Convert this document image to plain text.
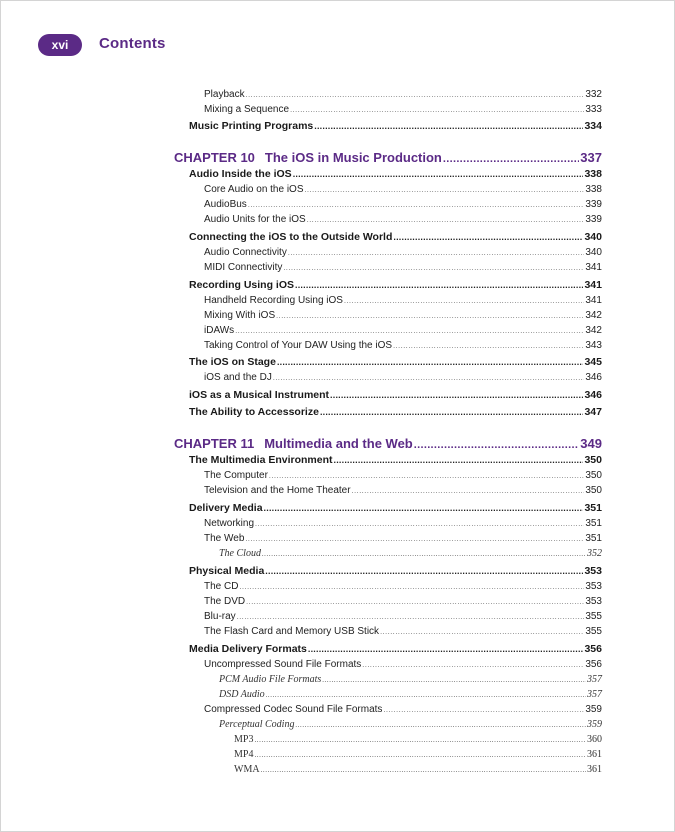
xvi	Contents
Playback .....	332
Mixing a Sequence .....	333
Music Printing Programs .....	334
CHAPTER 10 The iOS in Music Production .....	337
Audio Inside the iOS .....	338
Core Audio on the iOS .....	338
AudioBus .....	339
Audio Units for the iOS .....	339
Connecting the iOS to the Outside World .....	340
Audio Connectivity .....	340
MIDI Connectivity .....	341
Recording Using iOS .....	341
Handheld Recording Using iOS .....	341
Mixing With iOS .....	342
iDAWs .....	342
Taking Control of Your DAW Using the iOS .....	343
The iOS on Stage .....	345
iOS and the DJ .....	346
iOS as a Musical Instrument .....	346
The Ability to Accessorize .....	347
CHAPTER 11 Multimedia and the Web .....	349
The Multimedia Environment .....	350
The Computer .....	350
Television and the Home Theater .....	350
Delivery Media .....	351
Networking .....	351
The Web .....	351
The Cloud .....	352
Physical Media .....	353
The CD .....	353
The DVD .....	353
Blu-ray .....	355
The Flash Card and Memory USB Stick .....	355
Media Delivery Formats .....	356
Uncompressed Sound File Formats .....	356
PCM Audio File Formats .....	357
DSD Audio .....	357
Compressed Codec Sound File Formats .....	359
Perceptual Coding .....	359
MP3 .....	360
MP4 .....	361
WMA .....	361
